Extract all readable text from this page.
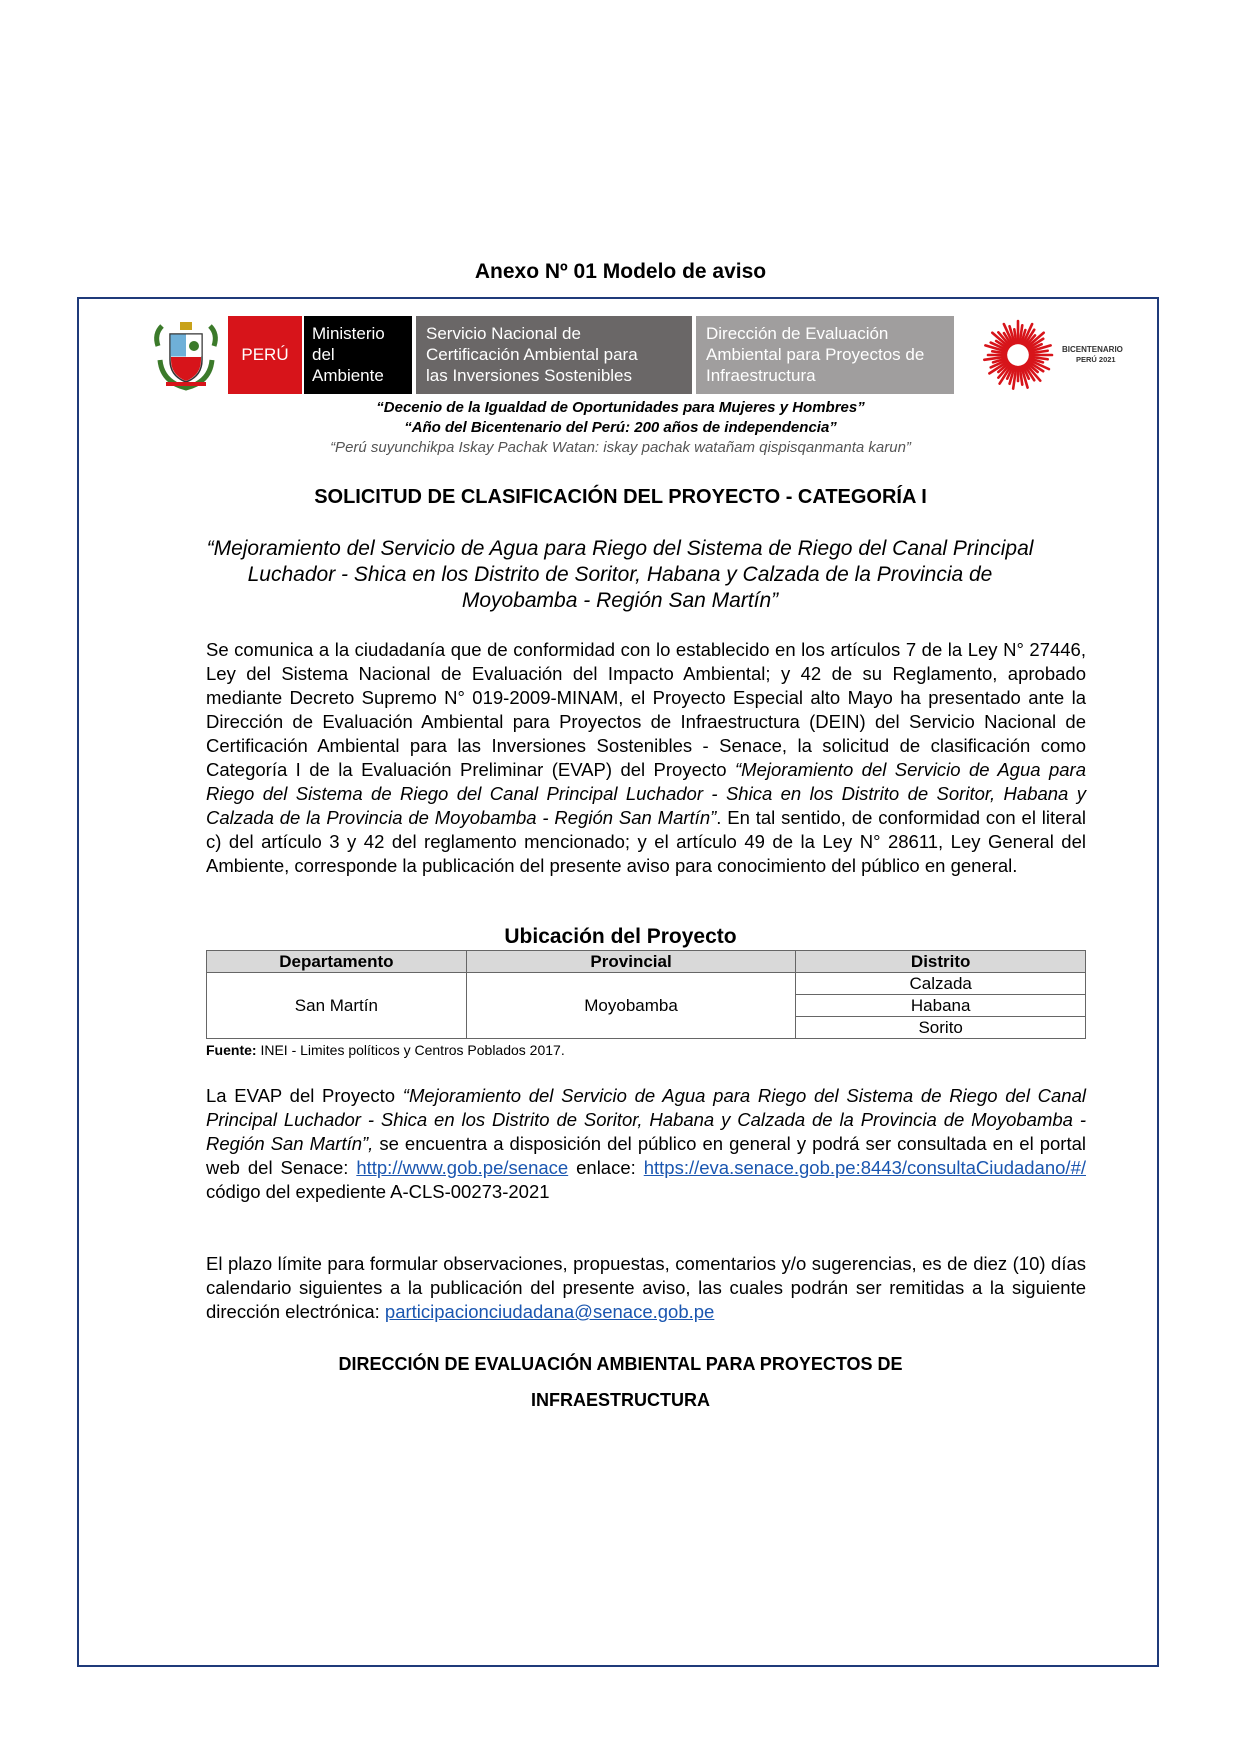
Anexo Nº 01 Modelo de aviso
PERÚ
Ministerio
del
Ambiente
Servicio Nacional de
Certificación Ambiental para
las Inversiones Sostenibles
Dirección de Evaluación
Ambiental para Proyectos de
Infraestructura
BICENTENARIO
PERÚ 2021
“Decenio de la Igualdad de Oportunidades para Mujeres y Hombres”
“Año del Bicentenario del Perú: 200 años de independencia”
“Perú suyunchikpa Iskay Pachak Watan: iskay pachak watañam qispisqanmanta karun”
SOLICITUD DE CLASIFICACIÓN DEL PROYECTO - CATEGORÍA I
“Mejoramiento del Servicio de Agua para Riego del Sistema de Riego del Canal Principal Luchador - Shica en los Distrito de Soritor, Habana y Calzada de la Provincia de Moyobamba - Región San Martín”
Se comunica a la ciudadanía que de conformidad con lo establecido en los artículos 7 de la Ley N° 27446, Ley del Sistema Nacional de Evaluación del Impacto Ambiental; y 42 de su Reglamento, aprobado mediante Decreto Supremo N° 019-2009-MINAM, el Proyecto Especial alto Mayo ha presentado ante la Dirección de Evaluación Ambiental para Proyectos de Infraestructura (DEIN) del Servicio Nacional de Certificación Ambiental para las Inversiones Sostenibles - Senace, la solicitud de clasificación como Categoría I de la Evaluación Preliminar (EVAP) del Proyecto “Mejoramiento del Servicio de Agua para Riego del Sistema de Riego del Canal Principal Luchador - Shica en los Distrito de Soritor, Habana y Calzada de la Provincia de Moyobamba - Región San Martín”. En tal sentido, de conformidad con el literal c) del artículo 3 y 42 del reglamento mencionado; y el artículo 49 de la Ley N° 28611, Ley General del Ambiente, corresponde la publicación del presente aviso para conocimiento del público en general.
Ubicación del Proyecto
Departamento	Provincial	Distrito
San Martín	Moyobamba	Calzada
		Habana
		Sorito
Fuente: INEI - Limites políticos y Centros Poblados 2017.
La EVAP del Proyecto “Mejoramiento del Servicio de Agua para Riego del Sistema de Riego del Canal Principal Luchador - Shica en los Distrito de Soritor, Habana y Calzada de la Provincia de Moyobamba - Región San Martín”, se encuentra a disposición del público en general y podrá ser consultada en el portal web del Senace: http://www.gob.pe/senace enlace: https://eva.senace.gob.pe:8443/consultaCiudadano/#/ código del expediente A-CLS-00273-2021
El plazo límite para formular observaciones, propuestas, comentarios y/o sugerencias, es de diez (10) días calendario siguientes a la publicación del presente aviso, las cuales podrán ser remitidas a la siguiente dirección electrónica: participacionciudadana@senace.gob.pe
DIRECCIÓN DE EVALUACIÓN AMBIENTAL PARA PROYECTOS DE
INFRAESTRUCTURA
